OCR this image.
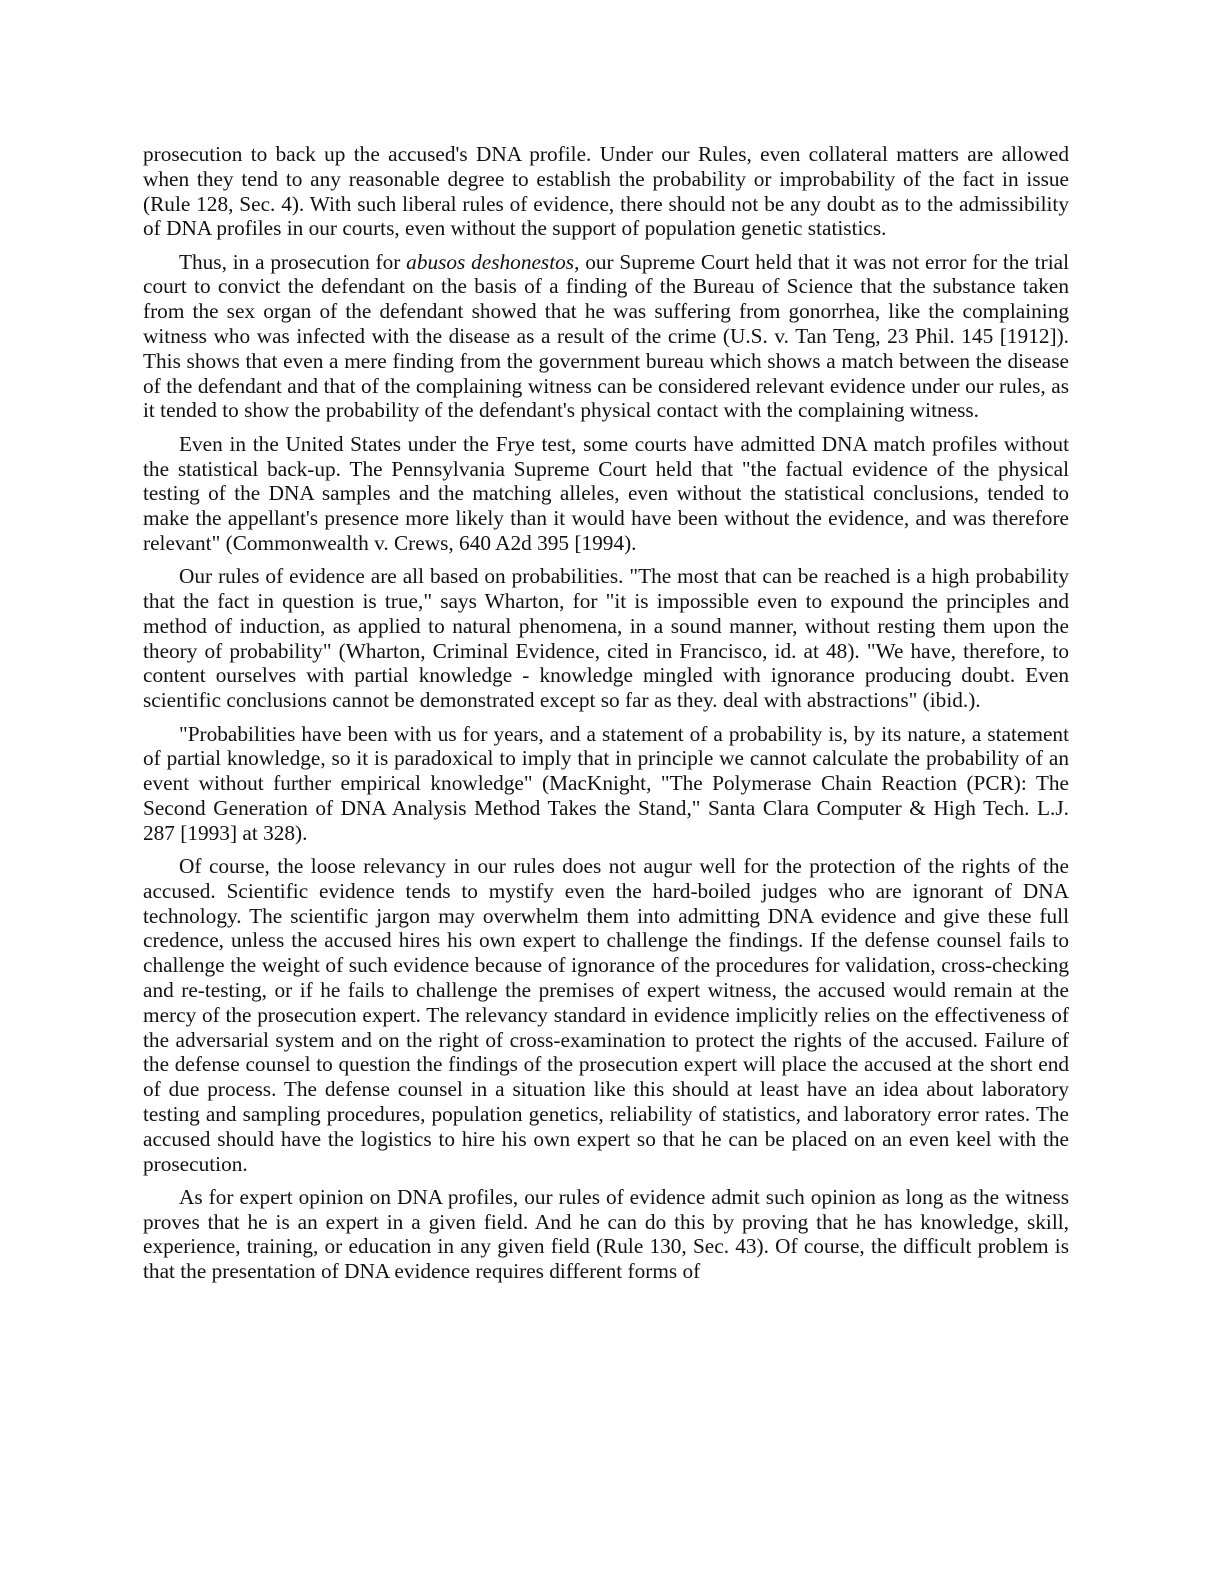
prosecution to back up the accused's DNA profile. Under our Rules, even collateral matters are allowed when they tend to any reasonable degree to establish the probability or improbability of the fact in issue (Rule 128, Sec. 4). With such liberal rules of evidence, there should not be any doubt as to the admissibility of DNA profiles in our courts, even without the support of population genetic statistics.

Thus, in a prosecution for abusos deshonestos, our Supreme Court held that it was not error for the trial court to convict the defendant on the basis of a finding of the Bureau of Science that the substance taken from the sex organ of the defendant showed that he was suffering from gonorrhea, like the complaining witness who was infected with the disease as a result of the crime (U.S. v. Tan Teng, 23 Phil. 145 [1912]). This shows that even a mere finding from the government bureau which shows a match between the disease of the defendant and that of the complaining witness can be considered relevant evidence under our rules, as it tended to show the probability of the defendant's physical contact with the complaining witness.

Even in the United States under the Frye test, some courts have admitted DNA match profiles without the statistical back-up. The Pennsylvania Supreme Court held that "the factual evidence of the physical testing of the DNA samples and the matching alleles, even without the statistical conclusions, tended to make the appellant's presence more likely than it would have been without the evidence, and was therefore relevant" (Commonwealth v. Crews, 640 A2d 395 [1994).

Our rules of evidence are all based on probabilities. "The most that can be reached is a high probability that the fact in question is true," says Wharton, for "it is impossible even to expound the principles and method of induction, as applied to natural phenomena, in a sound manner, without resting them upon the theory of probability" (Wharton, Criminal Evidence, cited in Francisco, id. at 48). "We have, therefore, to content ourselves with partial knowledge - knowledge mingled with ignorance producing doubt. Even scientific conclusions cannot be demonstrated except so far as they. deal with abstractions" (ibid.).

"Probabilities have been with us for years, and a statement of a probability is, by its nature, a statement of partial knowledge, so it is paradoxical to imply that in principle we cannot calculate the probability of an event without further empirical knowledge" (MacKnight, "The Polymerase Chain Reaction (PCR): The Second Generation of DNA Analysis Method Takes the Stand," Santa Clara Computer & High Tech. L.J. 287 [1993] at 328).

Of course, the loose relevancy in our rules does not augur well for the protection of the rights of the accused. Scientific evidence tends to mystify even the hard-boiled judges who are ignorant of DNA technology. The scientific jargon may overwhelm them into admitting DNA evidence and give these full credence, unless the accused hires his own expert to challenge the findings. If the defense counsel fails to challenge the weight of such evidence because of ignorance of the procedures for validation, cross-checking and re-testing, or if he fails to challenge the premises of expert witness, the accused would remain at the mercy of the prosecution expert. The relevancy standard in evidence implicitly relies on the effectiveness of the adversarial system and on the right of cross-examination to protect the rights of the accused. Failure of the defense counsel to question the findings of the prosecution expert will place the accused at the short end of due process. The defense counsel in a situation like this should at least have an idea about laboratory testing and sampling procedures, population genetics, reliability of statistics, and laboratory error rates. The accused should have the logistics to hire his own expert so that he can be placed on an even keel with the prosecution.

As for expert opinion on DNA profiles, our rules of evidence admit such opinion as long as the witness proves that he is an expert in a given field. And he can do this by proving that he has knowledge, skill, experience, training, or education in any given field (Rule 130, Sec. 43). Of course, the difficult problem is that the presentation of DNA evidence requires different forms of
